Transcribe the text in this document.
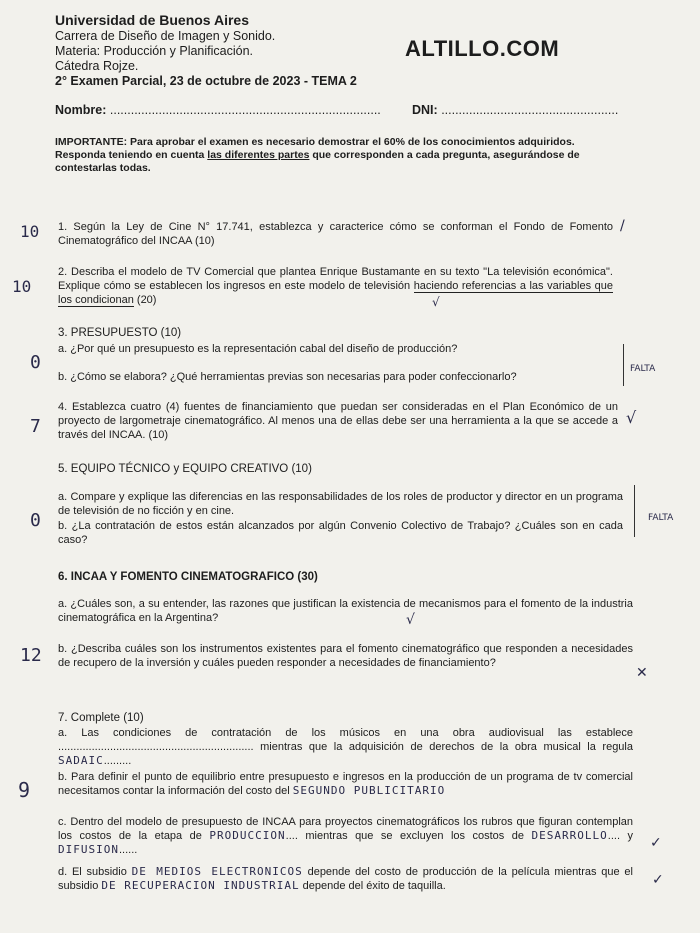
Universidad de Buenos Aires
Carrera de Diseño de Imagen y Sonido.
Materia: Producción y Planificación.
Cátedra Rojze.
2° Examen Parcial, 23 de octubre de 2023 - TEMA 2
ALTILLO.COM
Nombre: .............................................................................. DNI: ...................................................
IMPORTANTE: Para aprobar el examen es necesario demostrar el 60% de los conocimientos adquiridos.
Responda teniendo en cuenta las diferentes partes que corresponden a cada pregunta, asegurándose de contestarlas todas.
1. Según la Ley de Cine N° 17.741, establezca y caracterice cómo se conforman el Fondo de Fomento Cinematográfico del INCAA (10)
2. Describa el modelo de TV Comercial que plantea Enrique Bustamante en su texto "La televisión económica". Explique cómo se establecen los ingresos en este modelo de televisión haciendo referencias a las variables que los condicionan (20)
3. PRESUPUESTO (10)
a. ¿Por qué un presupuesto es la representación cabal del diseño de producción?
b. ¿Cómo se elabora? ¿Qué herramientas previas son necesarias para poder confeccionarlo?
4. Establezca cuatro (4) fuentes de financiamiento que puedan ser consideradas en el Plan Económico de un proyecto de largometraje cinematográfico. Al menos una de ellas debe ser una herramienta a la que se accede a través del INCAA. (10)
5. EQUIPO TÉCNICO y EQUIPO CREATIVO (10)
a. Compare y explique las diferencias en las responsabilidades de los roles de productor y director en un programa de televisión de no ficción y en cine.
b. ¿La contratación de estos están alcanzados por algún Convenio Colectivo de Trabajo? ¿Cuáles son en cada caso?
6. INCAA Y FOMENTO CINEMATOGRAFICO (30)
a. ¿Cuáles son, a su entender, las razones que justifican la existencia de mecanismos para el fomento de la industria cinematográfica en la Argentina?
b. ¿Describa cuáles son los instrumentos existentes para el fomento cinematográfico que responden a necesidades de recupero de la inversión y cuáles pueden responder a necesidades de financiamiento?
7. Complete (10)
a. Las condiciones de contratación de los músicos en una obra audiovisual las establece ................................................................ mientras que la adquisición de derechos de la obra musical la regula SADAIC.........
b. Para definir el punto de equilibrio entre presupuesto e ingresos en la producción de un programa de tv comercial necesitamos contar la información del costo del SEGUNDO PUBLICITARIO
c. Dentro del modelo de presupuesto de INCAA para proyectos cinematográficos los rubros que figuran contemplan los costos de la etapa de PRODUCCION.... mientras que se excluyen los costos de DESARROLLO.... y DIFUSION......
d. El subsidio DE MEDIOS ELECTRONICOS depende del costo de producción de la película mientras que el subsidio DE RECUPERACION INDUSTRIAL depende del éxito de taquilla.
10
10
0
7
0
12
9
FALTA
FALTA
/
√
√
√
✕
✓
✓
